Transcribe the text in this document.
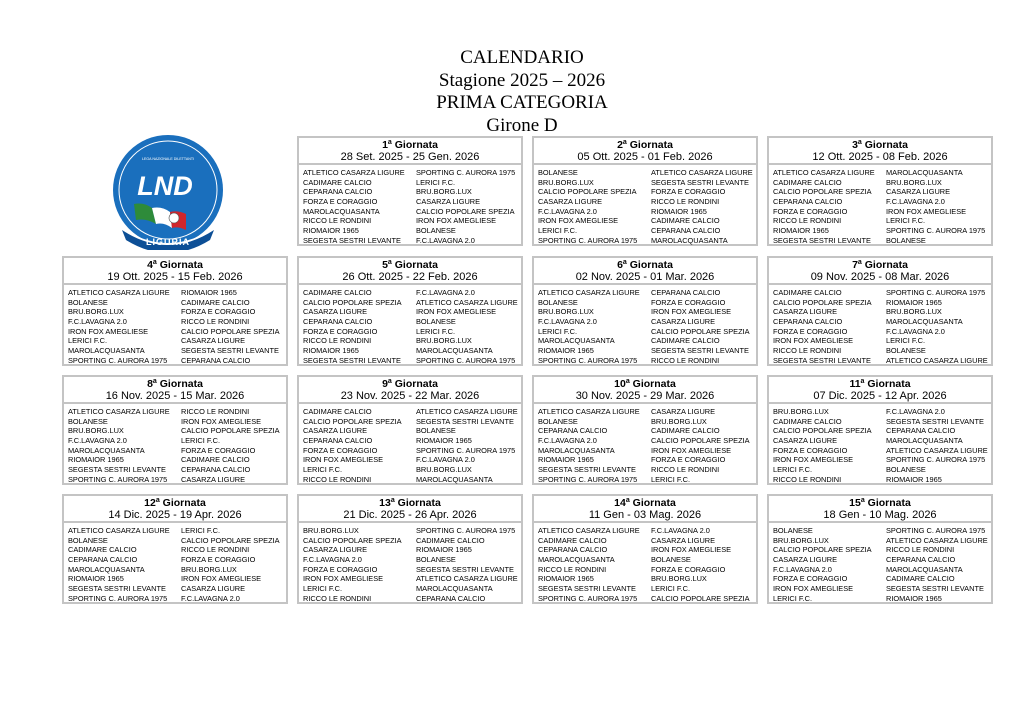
CALENDARIO
Stagione 2025 – 2026
PRIMA CATEGORIA
Girone D
LEGA NAZIONALE DILETTANTI
LND
LIGURIA
1$^a$ Giornata
28 Set. 2025 - 25 Gen. 2026
ATLETICO CASARZA LIGURE	SPORTING C. AURORA 1975
CADIMARE CALCIO	LERICI F.C.
CEPARANA CALCIO	BRU.BORG.LUX
FORZA E CORAGGIO	CASARZA LIGURE
MAROLACQUASANTA	CALCIO POPOLARE SPEZIA
RICCO LE RONDINI	IRON FOX AMEGLIESE
RIOMAIOR 1965	BOLANESE
SEGESTA SESTRI LEVANTE	F.C.LAVAGNA 2.0
2$^a$ Giornata
05 Ott. 2025 - 01 Feb. 2026
BOLANESE	ATLETICO CASARZA LIGURE
BRU.BORG.LUX	SEGESTA SESTRI LEVANTE
CALCIO POPOLARE SPEZIA	FORZA E CORAGGIO
CASARZA LIGURE	RICCO LE RONDINI
F.C.LAVAGNA 2.0	RIOMAIOR 1965
IRON FOX AMEGLIESE	CADIMARE CALCIO
LERICI F.C.	CEPARANA CALCIO
SPORTING C. AURORA 1975	MAROLACQUASANTA
3$^a$ Giornata
12 Ott. 2025 - 08 Feb. 2026
ATLETICO CASARZA LIGURE	MAROLACQUASANTA
CADIMARE CALCIO	BRU.BORG.LUX
CALCIO POPOLARE SPEZIA	CASARZA LIGURE
CEPARANA CALCIO	F.C.LAVAGNA 2.0
FORZA E CORAGGIO	IRON FOX AMEGLIESE
RICCO LE RONDINI	LERICI F.C.
RIOMAIOR 1965	SPORTING C. AURORA 1975
SEGESTA SESTRI LEVANTE	BOLANESE
4$^a$ Giornata
19 Ott. 2025 - 15 Feb. 2026
ATLETICO CASARZA LIGURE	RIOMAIOR 1965
BOLANESE	CADIMARE CALCIO
BRU.BORG.LUX	FORZA E CORAGGIO
F.C.LAVAGNA 2.0	RICCO LE RONDINI
IRON FOX AMEGLIESE	CALCIO POPOLARE SPEZIA
LERICI F.C.	CASARZA LIGURE
MAROLACQUASANTA	SEGESTA SESTRI LEVANTE
SPORTING C. AURORA 1975	CEPARANA CALCIO
5$^a$ Giornata
26 Ott. 2025 - 22 Feb. 2026
CADIMARE CALCIO	F.C.LAVAGNA 2.0
CALCIO POPOLARE SPEZIA	ATLETICO CASARZA LIGURE
CASARZA LIGURE	IRON FOX AMEGLIESE
CEPARANA CALCIO	BOLANESE
FORZA E CORAGGIO	LERICI F.C.
RICCO LE RONDINI	BRU.BORG.LUX
RIOMAIOR 1965	MAROLACQUASANTA
SEGESTA SESTRI LEVANTE	SPORTING C. AURORA 1975
6$^a$ Giornata
02 Nov. 2025 - 01 Mar. 2026
ATLETICO CASARZA LIGURE	CEPARANA CALCIO
BOLANESE	FORZA E CORAGGIO
BRU.BORG.LUX	IRON FOX AMEGLIESE
F.C.LAVAGNA 2.0	CASARZA LIGURE
LERICI F.C.	CALCIO POPOLARE SPEZIA
MAROLACQUASANTA	CADIMARE CALCIO
RIOMAIOR 1965	SEGESTA SESTRI LEVANTE
SPORTING C. AURORA 1975	RICCO LE RONDINI
7$^a$ Giornata
09 Nov. 2025 - 08 Mar. 2026
CADIMARE CALCIO	SPORTING C. AURORA 1975
CALCIO POPOLARE SPEZIA	RIOMAIOR 1965
CASARZA LIGURE	BRU.BORG.LUX
CEPARANA CALCIO	MAROLACQUASANTA
FORZA E CORAGGIO	F.C.LAVAGNA 2.0
IRON FOX AMEGLIESE	LERICI F.C.
RICCO LE RONDINI	BOLANESE
SEGESTA SESTRI LEVANTE	ATLETICO CASARZA LIGURE
8$^a$ Giornata
16 Nov. 2025 - 15 Mar. 2026
ATLETICO CASARZA LIGURE	RICCO LE RONDINI
BOLANESE	IRON FOX AMEGLIESE
BRU.BORG.LUX	CALCIO POPOLARE SPEZIA
F.C.LAVAGNA 2.0	LERICI F.C.
MAROLACQUASANTA	FORZA E CORAGGIO
RIOMAIOR 1965	CADIMARE CALCIO
SEGESTA SESTRI LEVANTE	CEPARANA CALCIO
SPORTING C. AURORA 1975	CASARZA LIGURE
9$^a$ Giornata
23 Nov. 2025 - 22 Mar. 2026
CADIMARE CALCIO	ATLETICO CASARZA LIGURE
CALCIO POPOLARE SPEZIA	SEGESTA SESTRI LEVANTE
CASARZA LIGURE	BOLANESE
CEPARANA CALCIO	RIOMAIOR 1965
FORZA E CORAGGIO	SPORTING C. AURORA 1975
IRON FOX AMEGLIESE	F.C.LAVAGNA 2.0
LERICI F.C.	BRU.BORG.LUX
RICCO LE RONDINI	MAROLACQUASANTA
10$^a$ Giornata
30 Nov. 2025 - 29 Mar. 2026
ATLETICO CASARZA LIGURE	CASARZA LIGURE
BOLANESE	BRU.BORG.LUX
CEPARANA CALCIO	CADIMARE CALCIO
F.C.LAVAGNA 2.0	CALCIO POPOLARE SPEZIA
MAROLACQUASANTA	IRON FOX AMEGLIESE
RIOMAIOR 1965	FORZA E CORAGGIO
SEGESTA SESTRI LEVANTE	RICCO LE RONDINI
SPORTING C. AURORA 1975	LERICI F.C.
11$^a$ Giornata
07 Dic. 2025 - 12 Apr. 2026
BRU.BORG.LUX	F.C.LAVAGNA 2.0
CADIMARE CALCIO	SEGESTA SESTRI LEVANTE
CALCIO POPOLARE SPEZIA	CEPARANA CALCIO
CASARZA LIGURE	MAROLACQUASANTA
FORZA E CORAGGIO	ATLETICO CASARZA LIGURE
IRON FOX AMEGLIESE	SPORTING C. AURORA 1975
LERICI F.C.	BOLANESE
RICCO LE RONDINI	RIOMAIOR 1965
12$^a$ Giornata
14 Dic. 2025 - 19 Apr. 2026
ATLETICO CASARZA LIGURE	LERICI F.C.
BOLANESE	CALCIO POPOLARE SPEZIA
CADIMARE CALCIO	RICCO LE RONDINI
CEPARANA CALCIO	FORZA E CORAGGIO
MAROLACQUASANTA	BRU.BORG.LUX
RIOMAIOR 1965	IRON FOX AMEGLIESE
SEGESTA SESTRI LEVANTE	CASARZA LIGURE
SPORTING C. AURORA 1975	F.C.LAVAGNA 2.0
13$^a$ Giornata
21 Dic. 2025 - 26 Apr. 2026
BRU.BORG.LUX	SPORTING C. AURORA 1975
CALCIO POPOLARE SPEZIA	CADIMARE CALCIO
CASARZA LIGURE	RIOMAIOR 1965
F.C.LAVAGNA 2.0	BOLANESE
FORZA E CORAGGIO	SEGESTA SESTRI LEVANTE
IRON FOX AMEGLIESE	ATLETICO CASARZA LIGURE
LERICI F.C.	MAROLACQUASANTA
RICCO LE RONDINI	CEPARANA CALCIO
14$^a$ Giornata
11 Gen - 03 Mag. 2026
ATLETICO CASARZA LIGURE	F.C.LAVAGNA 2.0
CADIMARE CALCIO	CASARZA LIGURE
CEPARANA CALCIO	IRON FOX AMEGLIESE
MAROLACQUASANTA	BOLANESE
RICCO LE RONDINI	FORZA E CORAGGIO
RIOMAIOR 1965	BRU.BORG.LUX
SEGESTA SESTRI LEVANTE	LERICI F.C.
SPORTING C. AURORA 1975	CALCIO POPOLARE SPEZIA
15$^a$ Giornata
18 Gen - 10 Mag. 2026
BOLANESE	SPORTING C. AURORA 1975
BRU.BORG.LUX	ATLETICO CASARZA LIGURE
CALCIO POPOLARE SPEZIA	RICCO LE RONDINI
CASARZA LIGURE	CEPARANA CALCIO
F.C.LAVAGNA 2.0	MAROLACQUASANTA
FORZA E CORAGGIO	CADIMARE CALCIO
IRON FOX AMEGLIESE	SEGESTA SESTRI LEVANTE
LERICI F.C.	RIOMAIOR 1965
